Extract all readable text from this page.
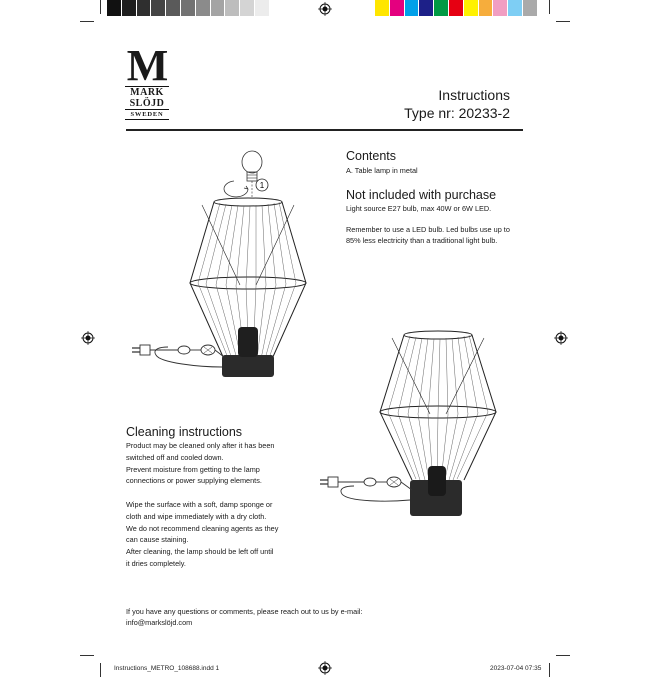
M
MARK
SLÖJD
SWEDEN
Instructions
Type nr: 20233-2
1
Contents
A. Table lamp in metal
Not included with purchase
Light source E27 bulb, max 40W or 6W LED.
Remember to use a LED bulb. Led bulbs use up to
85% less electricity than a traditional light bulb.
Cleaning instructions
Product may be cleaned only after it has been
switched off and cooled down.
Prevent moisture from getting to the lamp
connections or power supplying elements.
Wipe the surface with a soft, damp sponge or
cloth and wipe immediately with a dry cloth.
We do not recommend cleaning agents as they
can cause staining.
After cleaning, the lamp should be left off until
it dries completely.
If you have any questions or comments, please reach out to us by e-mail:
info@markslöjd.com
Instructions_METRO_108688.indd 1	2023-07-04 07:35
